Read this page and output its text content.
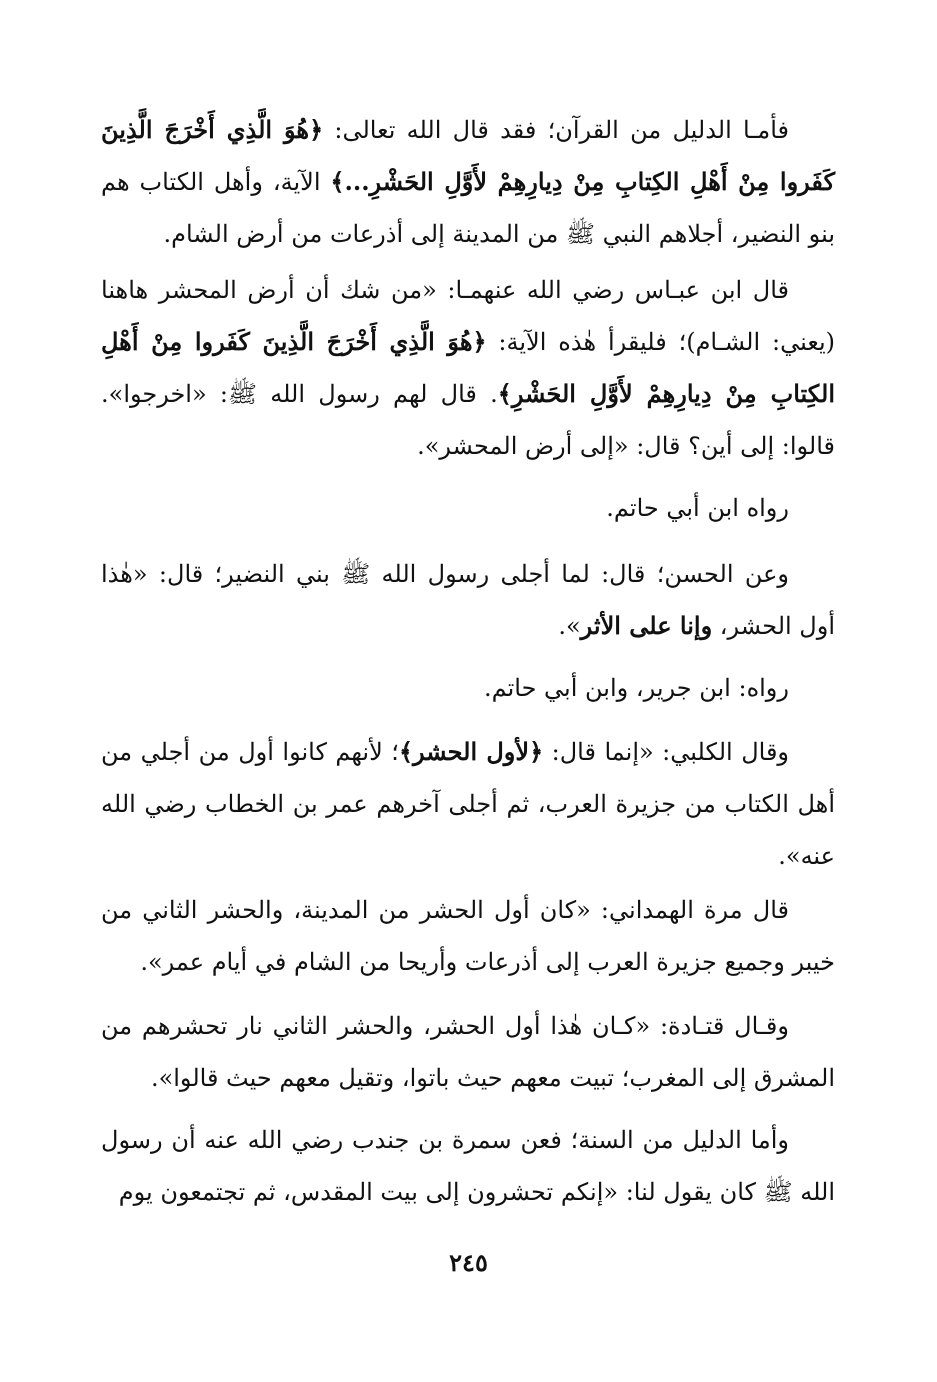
فأمـا الدليل من القرآن؛ فقد قال الله تعالى: ﴿هُوَ الَّذِي أَخْرَجَ الَّذِينَ كَفَروا مِنْ أَهْلِ الكِتابِ مِنْ دِيارِهِمْ لأَوَّلِ الحَشْرِ...﴾ الآية، وأهل الكتاب هم بنو النضير، أجلاهم النبي ﷺ من المدينة إلى أذرعات من أرض الشام.

قال ابن عبـاس رضي الله عنهمـا: «من شك أن أرض المحشر هاهنا (يعني: الشـام)؛ فليقرأ هٰذه الآية: ﴿هُوَ الَّذِي أَخْرَجَ الَّذِينَ كَفَروا مِنْ أَهْلِ الكِتابِ مِنْ دِيارِهِمْ لأَوَّلِ الحَشْرِ﴾. قال لهم رسول الله ﷺ: «اخرجوا». قالوا: إلى أين؟ قال: «إلى أرض المحشر».

رواه ابن أبي حاتم.

وعن الحسن؛ قال: لما أجلى رسول الله ﷺ بني النضير؛ قال: «هٰذا أول الحشر، وإنا على الأثر».

رواه: ابن جرير، وابن أبي حاتم.

وقال الكلبي: «إنما قال: ﴿لأول الحشر﴾؛ لأنهم كانوا أول من أجلي من أهل الكتاب من جزيرة العرب، ثم أجلى آخرهم عمر بن الخطاب رضي الله عنه».

قال مرة الهمداني: «كان أول الحشر من المدينة، والحشر الثاني من خيبر وجميع جزيرة العرب إلى أذرعات وأريحا من الشام في أيام عمر».

وقـال قتـادة: «كـان هٰذا أول الحشر، والحشر الثاني نار تحشرهم من المشرق إلى المغرب؛ تبيت معهم حيث باتوا، وتقيل معهم حيث قالوا».

وأما الدليل من السنة؛ فعن سمرة بن جندب رضي الله عنه أن رسول الله ﷺ كان يقول لنا: «إنكم تحشرون إلى بيت المقدس، ثم تجتمعون يوم

٢٤٥
